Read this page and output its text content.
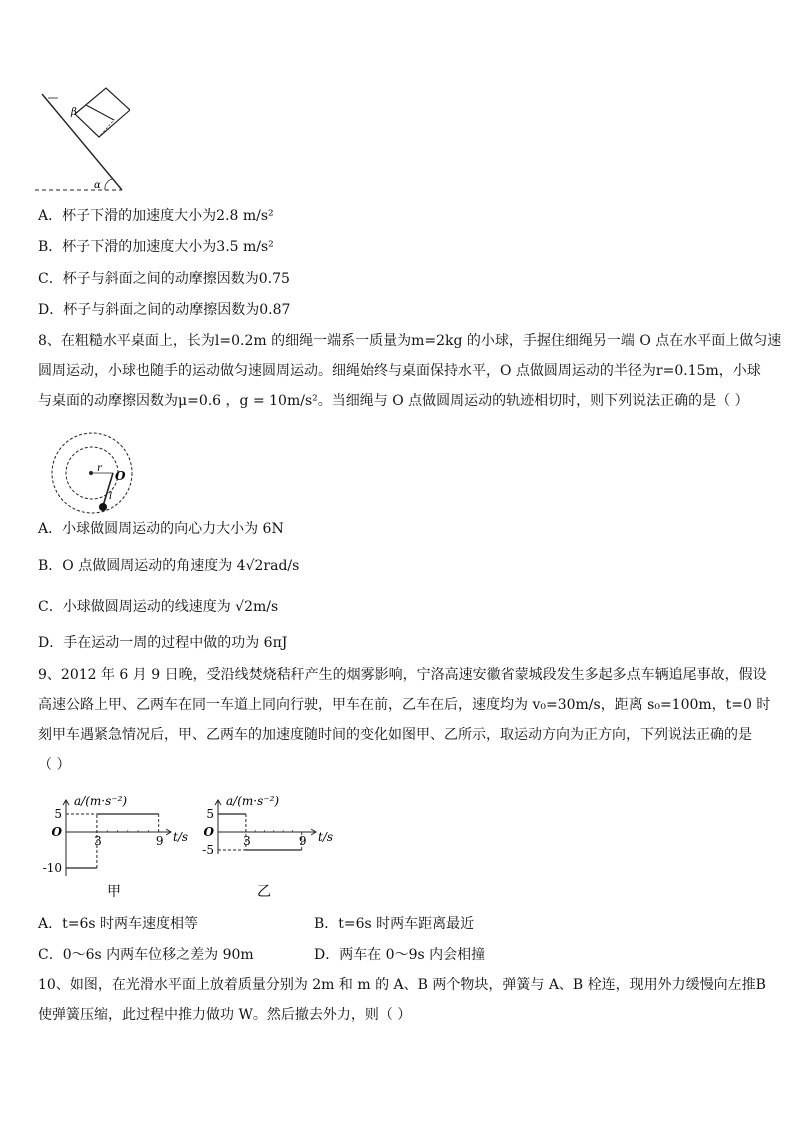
α
β
A．杯子下滑的加速度大小为2.8 m/s²
B．杯子下滑的加速度大小为3.5 m/s²
C．杯子与斜面之间的动摩擦因数为0.75
D．杯子与斜面之间的动摩擦因数为0.87
8、在粗糙水平桌面上，长为l=0.2m 的细绳一端系一质量为m=2kg 的小球，手握住细绳另一端 O 点在水平面上做匀速
圆周运动，小球也随手的运动做匀速圆周运动。细绳始终与桌面保持水平，O 点做圆周运动的半径为r=0.15m，小球
与桌面的动摩擦因数为μ=0.6 ，g = 10m/s²。当细绳与 O 点做圆周运动的轨迹相切时，则下列说法正确的是（ ）
r
O
l
A．小球做圆周运动的向心力大小为 6N
B．O 点做圆周运动的角速度为 4√2rad/s
C．小球做圆周运动的线速度为 √2m/s
D．手在运动一周的过程中做的功为 6πJ
9、2012 年 6 月 9 日晚，受沿线焚烧秸秆产生的烟雾影响，宁洛高速安徽省蒙城段发生多起多点车辆追尾事故，假设
高速公路上甲、乙两车在同一车道上同向行驶，甲车在前，乙车在后，速度均为 v₀=30m/s，距离 s₀=100m，t=0 时
刻甲车遇紧急情况后，甲、乙两车的加速度随时间的变化如图甲、乙所示，取运动方向为正方向，下列说法正确的是
（ ）
a/(m·s⁻²)
t/s
5
O
-10
3	9
甲
a/(m·s⁻²)
t/s
5
O
-5
3	9
乙
A．t=6s 时两车速度相等	B．t=6s 时两车距离最近
C．0～6s 内两车位移之差为 90m	D．两车在 0～9s 内会相撞
10、如图，在光滑水平面上放着质量分别为 2m 和 m 的 A、B 两个物块，弹簧与 A、B 栓连，现用外力缓慢向左推B
使弹簧压缩，此过程中推力做功 W。然后撤去外力，则（ ）
